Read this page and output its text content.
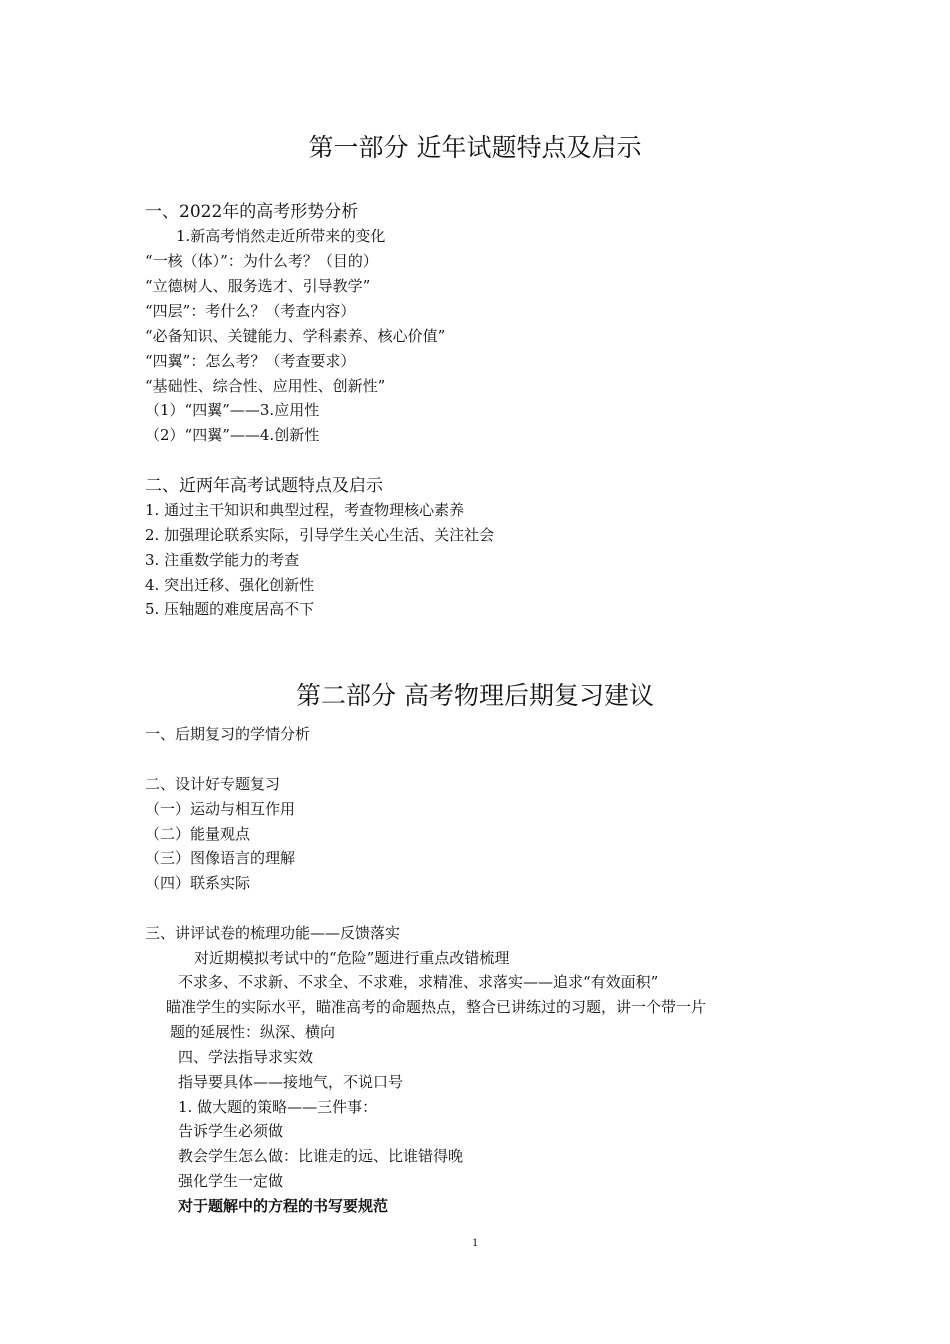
第一部分 近年试题特点及启示
一、2022年的高考形势分析
1.新高考悄然走近所带来的变化
“一核（体）”：为什么考？（目的）
“立德树人、服务选才、引导教学”
“四层”：考什么？（考查内容）
“必备知识、关键能力、学科素养、核心价值”
“四翼”：怎么考？（考查要求）
“基础性、综合性、应用性、创新性”
（1）“四翼”——3.应用性
（2）“四翼”——4.创新性
二、近两年高考试题特点及启示
1. 通过主干知识和典型过程，考查物理核心素养
2. 加强理论联系实际，引导学生关心生活、关注社会
3. 注重数学能力的考查
4. 突出迁移、强化创新性
5. 压轴题的难度居高不下
第二部分 高考物理后期复习建议
一、后期复习的学情分析
二、设计好专题复习
（一）运动与相互作用
（二）能量观点
（三）图像语言的理解
（四）联系实际
三、讲评试卷的梳理功能——反馈落实
对近期模拟考试中的“危险”题进行重点改错梳理
不求多、不求新、不求全、不求难，求精准、求落实——追求“有效面积”
瞄准学生的实际水平，瞄准高考的命题热点，整合已讲练过的习题，讲一个带一片
题的延展性：纵深、横向
四、学法指导求实效
指导要具体——接地气，不说口号
1. 做大题的策略——三件事：
告诉学生必须做
教会学生怎么做：比谁走的远、比谁错得晚
强化学生一定做
对于题解中的方程的书写要规范
1
